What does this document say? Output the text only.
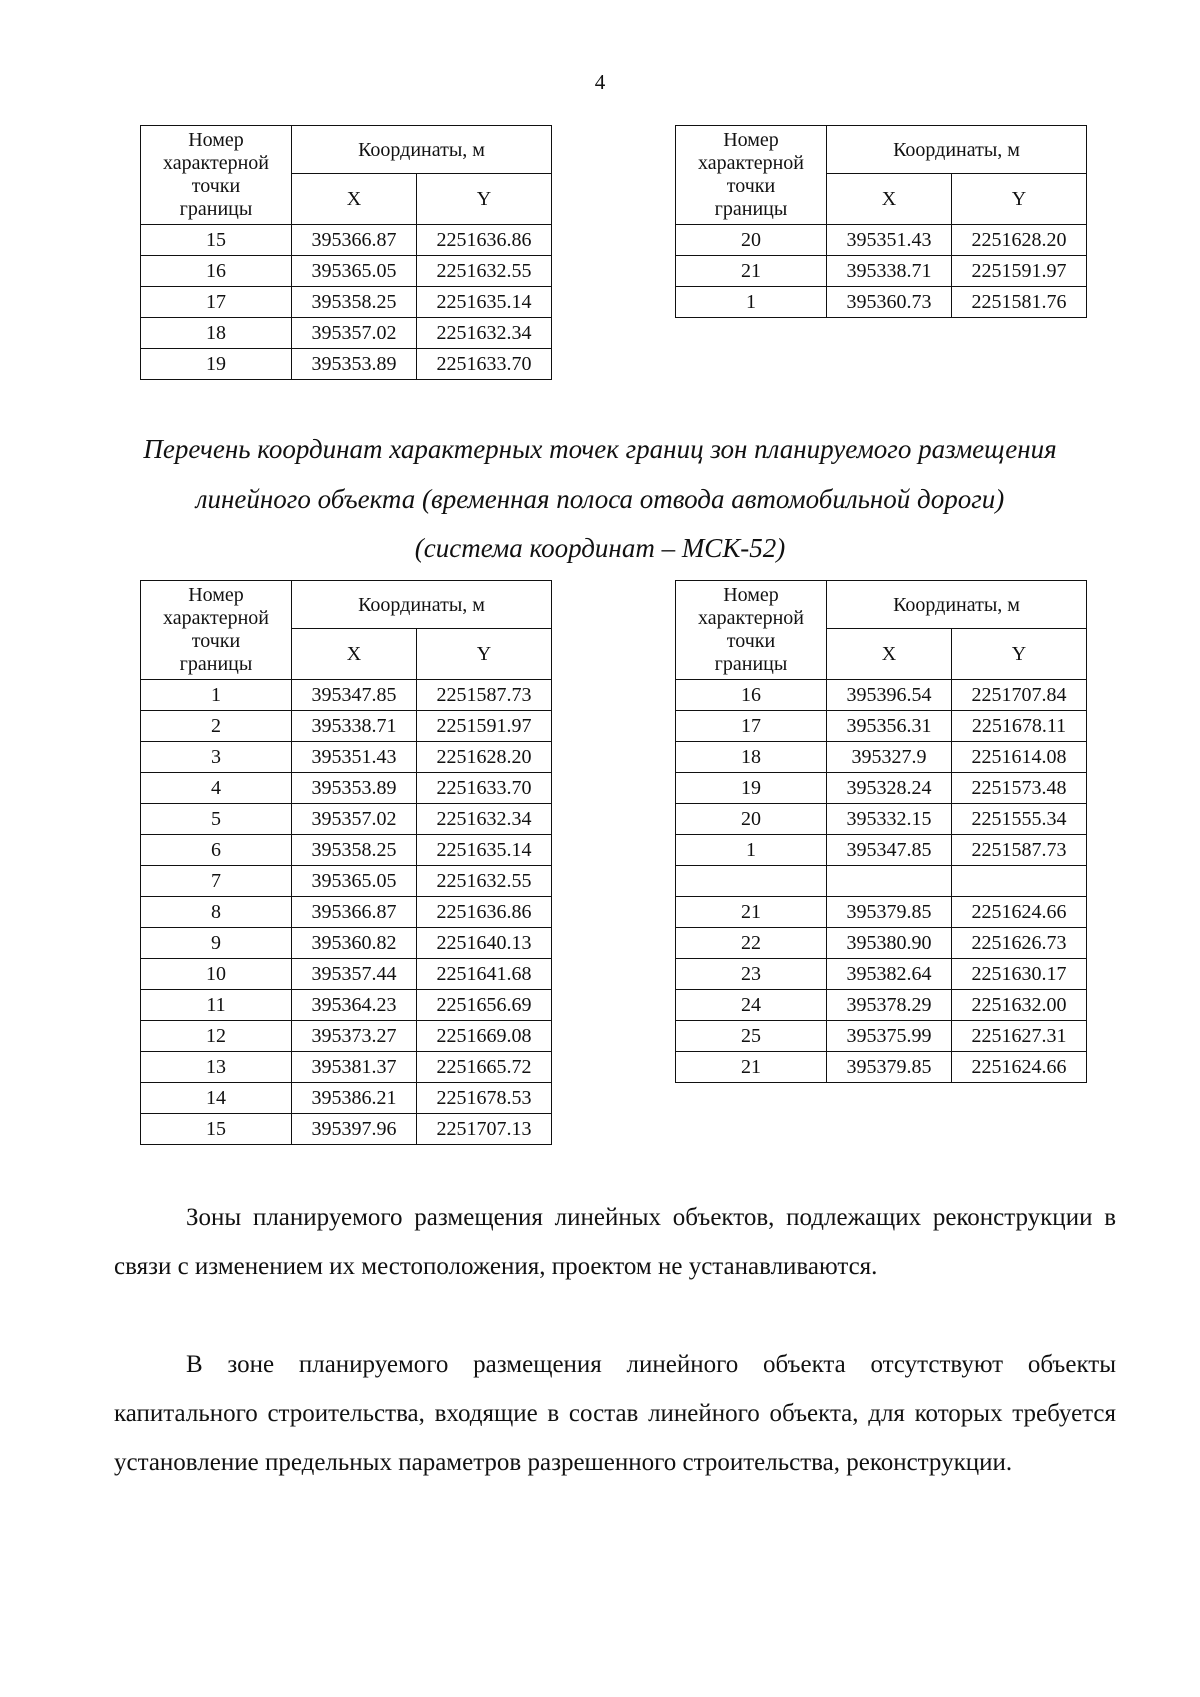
4
Номер
характерной
точки
границы	Координаты, м	
	X	Y
15	395366.87	2251636.86
16	395365.05	2251632.55
17	395358.25	2251635.14
18	395357.02	2251632.34
19	395353.89	2251633.70
Номер
характерной
точки
границы	Координаты, м	
	X	Y
20	395351.43	2251628.20
21	395338.71	2251591.97
1	395360.73	2251581.76
Перечень координат характерных точек границ зон планируемого размещения
линейного объекта (временная полоса отвода автомобильной дороги)
(система координат – МСК-52)
Номер
характерной
точки
границы	Координаты, м	
	X	Y
1	395347.85	2251587.73
2	395338.71	2251591.97
3	395351.43	2251628.20
4	395353.89	2251633.70
5	395357.02	2251632.34
6	395358.25	2251635.14
7	395365.05	2251632.55
8	395366.87	2251636.86
9	395360.82	2251640.13
10	395357.44	2251641.68
11	395364.23	2251656.69
12	395373.27	2251669.08
13	395381.37	2251665.72
14	395386.21	2251678.53
15	395397.96	2251707.13
Номер
характерной
точки
границы	Координаты, м	
	X	Y
16	395396.54	2251707.84
17	395356.31	2251678.11
18	395327.9	2251614.08
19	395328.24	2251573.48
20	395332.15	2251555.34
1	395347.85	2251587.73

21	395379.85	2251624.66
22	395380.90	2251626.73
23	395382.64	2251630.17
24	395378.29	2251632.00
25	395375.99	2251627.31
21	395379.85	2251624.66
Зоны планируемого размещения линейных объектов, подлежащих реконструкции в связи с изменением их местоположения, проектом не устанавливаются.
В зоне планируемого размещения линейного объекта отсутствуют объекты капитального строительства, входящие в состав линейного объекта, для которых требуется установление предельных параметров разрешенного строительства, реконструкции.
